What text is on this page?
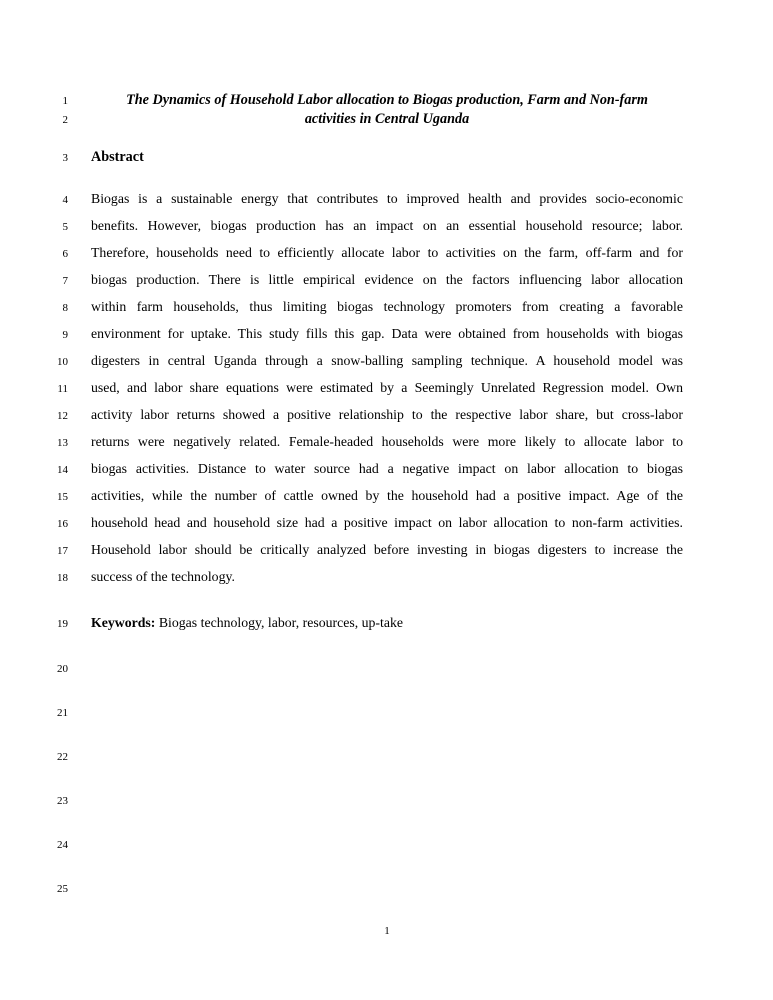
1	The Dynamics of Household Labor allocation to Biogas production, Farm and Non-farm
2	activities in Central Uganda
3 Abstract
4 Biogas is a sustainable energy that contributes to improved health and provides socio-economic
5 benefits. However, biogas production has an impact on an essential household resource; labor.
6 Therefore, households need to efficiently allocate labor to activities on the farm, off-farm and for
7 biogas production. There is little empirical evidence on the factors influencing labor allocation
8 within farm households, thus limiting biogas technology promoters from creating a favorable
9 environment for uptake. This study fills this gap. Data were obtained from households with biogas
10 digesters in central Uganda through a snow-balling sampling technique. A household model was
11 used, and labor share equations were estimated by a Seemingly Unrelated Regression model. Own
12 activity labor returns showed a positive relationship to the respective labor share, but cross-labor
13 returns were negatively related. Female-headed households were more likely to allocate labor to
14 biogas activities. Distance to water source had a negative impact on labor allocation to biogas
15 activities, while the number of cattle owned by the household had a positive impact. Age of the
16 household head and household size had a positive impact on labor allocation to non-farm activities.
17 Household labor should be critically analyzed before investing in biogas digesters to increase the
18 success of the technology.
19 Keywords: Biogas technology, labor, resources, up-take
20
21
22
23
24
25
1
